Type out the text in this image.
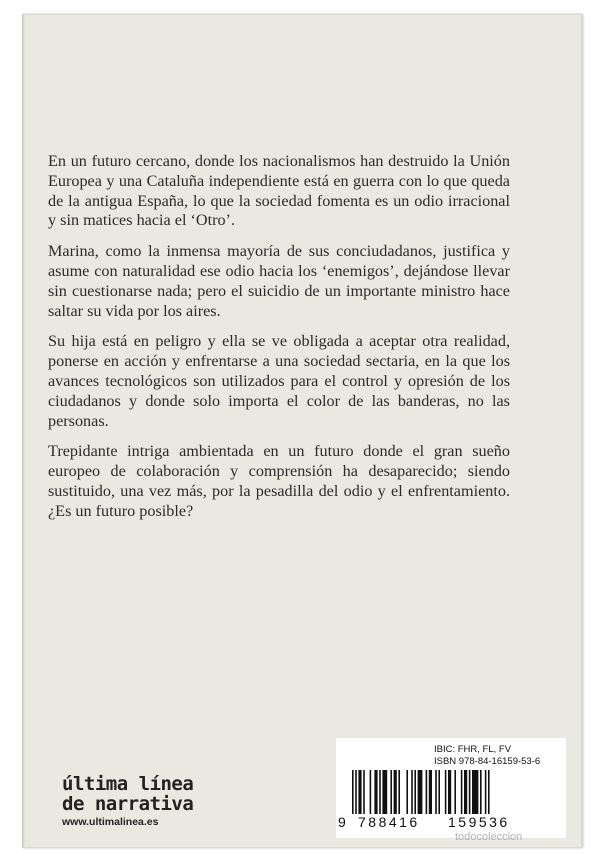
En un futuro cercano, donde los nacionalismos han destruido la Unión Europea y una Cataluña independiente está en guerra con lo que queda de la antigua España, lo que la sociedad fomenta es un odio irracional y sin matices hacia el ‘Otro’.

Marina, como la inmensa mayoría de sus conciudadanos, justifica y asume con naturalidad ese odio hacia los ‘enemigos’, dejándose llevar sin cuestionarse nada; pero el suicidio de un importante ministro hace saltar su vida por los aires.

Su hija está en peligro y ella se ve obligada a aceptar otra realidad, ponerse en acción y enfrentarse a una sociedad sectaria, en la que los avances tecnológicos son utilizados para el control y opresión de los ciudadanos y donde solo importa el color de las banderas, no las personas.

Trepidante intriga ambientada en un futuro donde el gran sueño europeo de colaboración y comprensión ha desaparecido; siendo sustituido, una vez más, por la pesadilla del odio y el enfrentamiento. ¿Es un futuro posible?

última línea
de narrativa
www.ultimalinea.es
IBIC: FHR, FL, FV
ISBN 978-84-16159-53-6
9 788416 159536
todocoleccion
